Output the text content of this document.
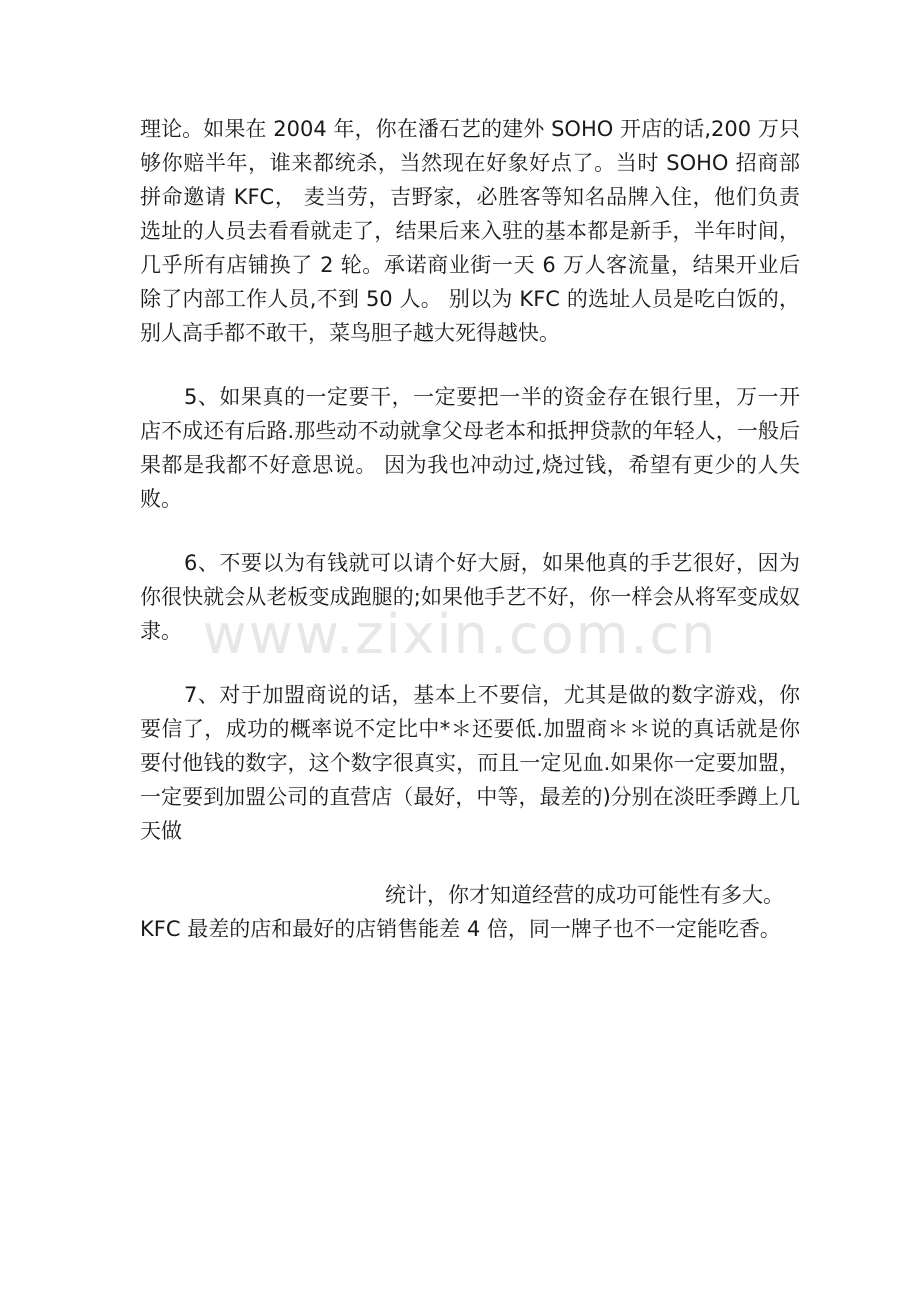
理论。如果在 2004 年，你在潘石艺的建外 SOHO 开店的话,200 万只够你赔半年，谁来都统杀，当然现在好象好点了。当时 SOHO 招商部拼命邀请 KFC， 麦当劳，吉野家，必胜客等知名品牌入住，他们负责选址的人员去看看就走了，结果后来入驻的基本都是新手，半年时间，几乎所有店铺换了 2 轮。承诺商业街一天 6 万人客流量，结果开业后除了内部工作人员,不到 50 人。 别以为 KFC 的选址人员是吃白饭的，别人高手都不敢干，菜鸟胆子越大死得越快。

5、如果真的一定要干，一定要把一半的资金存在银行里，万一开店不成还有后路.那些动不动就拿父母老本和抵押贷款的年轻人，一般后果都是我都不好意思说。 因为我也冲动过,烧过钱，希望有更少的人失败。

6、不要以为有钱就可以请个好大厨，如果他真的手艺很好，因为你很快就会从老板变成跑腿的;如果他手艺不好，你一样会从将军变成奴隶。

7、对于加盟商说的话，基本上不要信，尤其是做的数字游戏，你要信了，成功的概率说不定比中*＊还要低.加盟商＊＊说的真话就是你要付他钱的数字，这个数字很真实，而且一定见血.如果你一定要加盟，一定要到加盟公司的直营店（最好，中等，最差的)分别在淡旺季蹲上几天做

统计，你才知道经营的成功可能性有多大。

KFC 最差的店和最好的店销售能差 4 倍，同一牌子也不一定能吃香。

www.zixin.com.cn
